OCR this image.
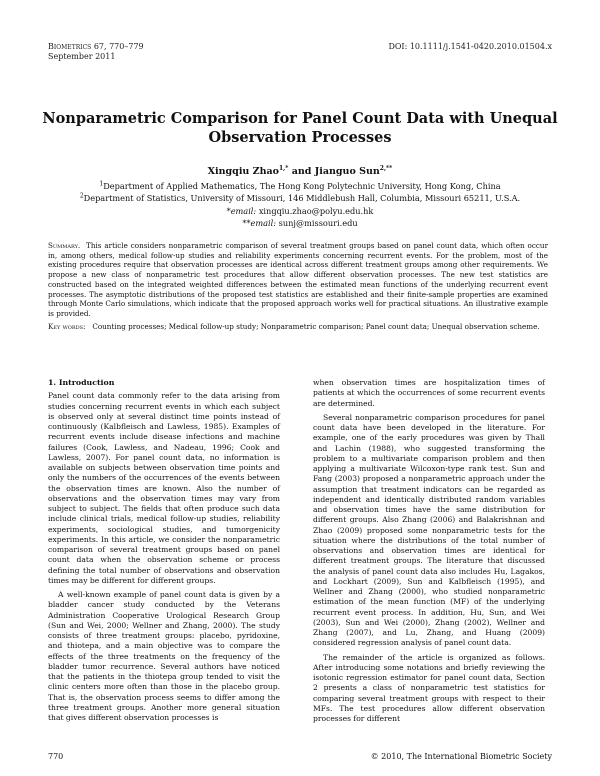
Biometrics 67, 770–779
September 2011
DOI: 10.1111/j.1541-0420.2010.01504.x
Nonparametric Comparison for Panel Count Data with Unequal Observation Processes
Xingqiu Zhao$^{1,*}$ and Jianguo Sun$^{2,**}$
$^1$Department of Applied Mathematics, The Hong Kong Polytechnic University, Hong Kong, China
$^2$Department of Statistics, University of Missouri, 146 Middlebush Hall, Columbia, Missouri 65211, U.S.A.
*email: xingqiu.zhao@polyu.edu.hk
**email: sunj@missouri.edu
Summary. This article considers nonparametric comparison of several treatment groups based on panel count data, which often occur in, among others, medical follow-up studies and reliability experiments concerning recurrent events. For the problem, most of the existing procedures require that observation processes are identical across different treatment groups among other requirements. We propose a new class of nonparametric test procedures that allow different observation processes. The new test statistics are constructed based on the integrated weighted differences between the estimated mean functions of the underlying recurrent event processes. The asymptotic distributions of the proposed test statistics are established and their finite-sample properties are examined through Monte Carlo simulations, which indicate that the proposed approach works well for practical situations. An illustrative example is provided.
Key words: Counting processes; Medical follow-up study; Nonparametric comparison; Panel count data; Unequal observation scheme.
1. Introduction

Panel count data commonly refer to the data arising from studies concerning recurrent events in which each subject is observed only at several distinct time points instead of continuously (Kalbfleisch and Lawless, 1985). Examples of recurrent events include disease infections and machine failures (Cook, Lawless, and Nadeau, 1996; Cook and Lawless, 2007). For panel count data, no information is available on subjects between observation time points and only the numbers of the occurrences of the events between the observation times are known. Also the number of observations and the observation times may vary from subject to subject. The fields that often produce such data include clinical trials, medical follow-up studies, reliability experiments, sociological studies, and tumorgenicity experiments. In this article, we consider the nonparametric comparison of several treatment groups based on panel count data when the observation scheme or process defining the total number of observations and observation times may be different for different groups.

A well-known example of panel count data is given by a bladder cancer study conducted by the Veterans Administration Cooperative Urological Research Group (Sun and Wei, 2000; Wellner and Zhang, 2000). The study consists of three treatment groups: placebo, pyridoxine, and thiotepa, and a main objective was to compare the effects of the three treatments on the frequency of the bladder tumor recurrence. Several authors have noticed that the patients in the thiotepa group tended to visit the clinic centers more often than those in the placebo group. That is, the observation process seems to differ among the three treatment groups. Another more general situation that gives different observation processes is

when observation times are hospitalization times of patients at which the occurrences of some recurrent events are determined.

Several nonparametric comparison procedures for panel count data have been developed in the literature. For example, one of the early procedures was given by Thall and Lachin (1988), who suggested transforming the problem to a multivariate comparison problem and then applying a multivariate Wilcoxon-type rank test. Sun and Fang (2003) proposed a nonparametric approach under the assumption that treatment indicators can be regarded as independent and identically distributed random variables and observation times have the same distribution for different groups. Also Zhang (2006) and Balakrishnan and Zhao (2009) proposed some nonparametric tests for the situation where the distributions of the total number of observations and observation times are identical for different treatment groups. The literature that discussed the analysis of panel count data also includes Hu, Lagakos, and Lockhart (2009), Sun and Kalbfleisch (1995), and Wellner and Zhang (2000), who studied nonparametric estimation of the mean function (MF) of the underlying recurrent event process. In addition, Hu, Sun, and Wei (2003), Sun and Wei (2000), Zhang (2002), Wellner and Zhang (2007), and Lu, Zhang, and Huang (2009) considered regression analysis of panel count data.

The remainder of the article is organized as follows. After introducing some notations and briefly reviewing the isotonic regression estimator for panel count data, Section 2 presents a class of nonparametric test statistics for comparing several treatment groups with respect to their MFs. The test procedures allow different observation processes for different

770	© 2010, The International Biometric Society
